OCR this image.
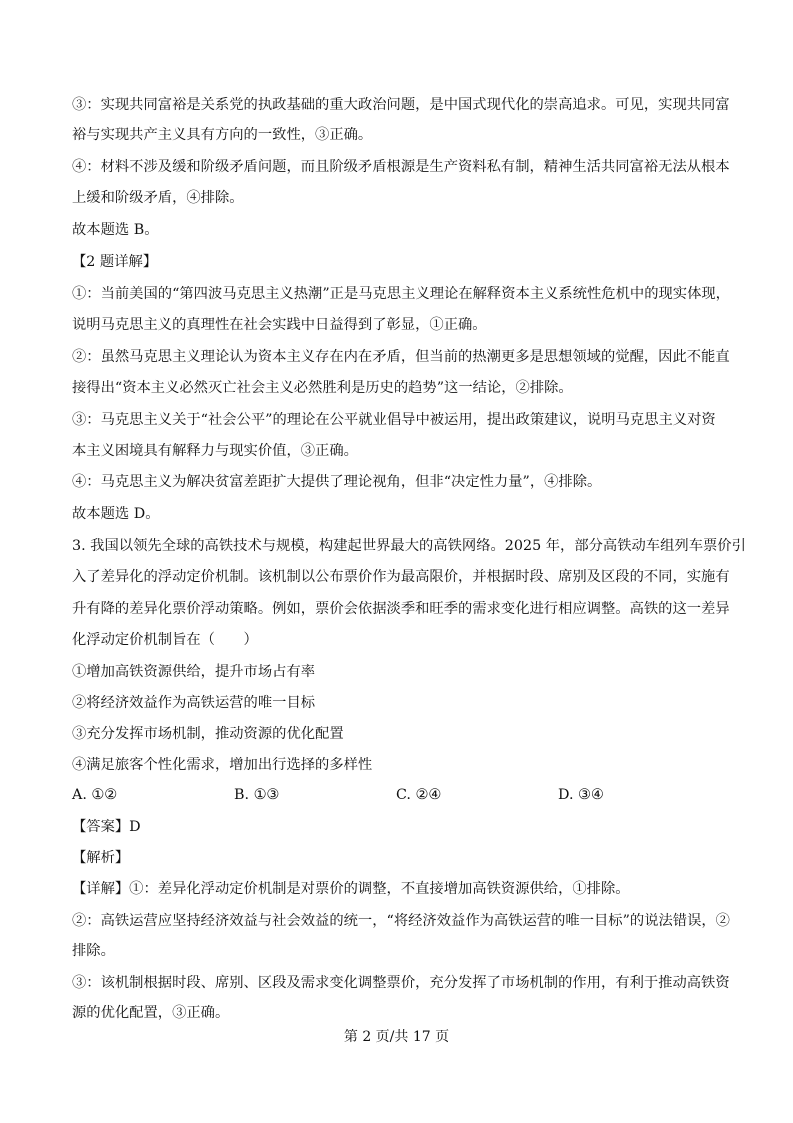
③：实现共同富裕是关系党的执政基础的重大政治问题，是中国式现代化的崇高追求。可见，实现共同富
裕与实现共产主义具有方向的一致性，③正确。
④：材料不涉及缓和阶级矛盾问题，而且阶级矛盾根源是生产资料私有制，精神生活共同富裕无法从根本
上缓和阶级矛盾，④排除。
故本题选 B。
【2 题详解】
①：当前美国的“第四波马克思主义热潮”正是马克思主义理论在解释资本主义系统性危机中的现实体现，
说明马克思主义的真理性在社会实践中日益得到了彰显，①正确。
②：虽然马克思主义理论认为资本主义存在内在矛盾，但当前的热潮更多是思想领域的觉醒，因此不能直
接得出“资本主义必然灭亡社会主义必然胜利是历史的趋势”这一结论，②排除。
③：马克思主义关于“社会公平”的理论在公平就业倡导中被运用，提出政策建议，说明马克思主义对资
本主义困境具有解释力与现实价值，③正确。
④：马克思主义为解决贫富差距扩大提供了理论视角，但非“决定性力量”，④排除。
故本题选 D。
3. 我国以领先全球的高铁技术与规模，构建起世界最大的高铁网络。2025 年，部分高铁动车组列车票价引
入了差异化的浮动定价机制。该机制以公布票价作为最高限价，并根据时段、席别及区段的不同，实施有
升有降的差异化票价浮动策略。例如，票价会依据淡季和旺季的需求变化进行相应调整。高铁的这一差异
化浮动定价机制旨在（　　）
①增加高铁资源供给，提升市场占有率
②将经济效益作为高铁运营的唯一目标
③充分发挥市场机制，推动资源的优化配置
④满足旅客个性化需求，增加出行选择的多样性
A. ①②	B. ①③	C. ②④	D. ③④
【答案】D
【解析】
【详解】①：差异化浮动定价机制是对票价的调整，不直接增加高铁资源供给，①排除。
②：高铁运营应坚持经济效益与社会效益的统一，“将经济效益作为高铁运营的唯一目标”的说法错误，②
排除。
③：该机制根据时段、席别、区段及需求变化调整票价，充分发挥了市场机制的作用，有利于推动高铁资
源的优化配置，③正确。
第 2 页/共 17 页
